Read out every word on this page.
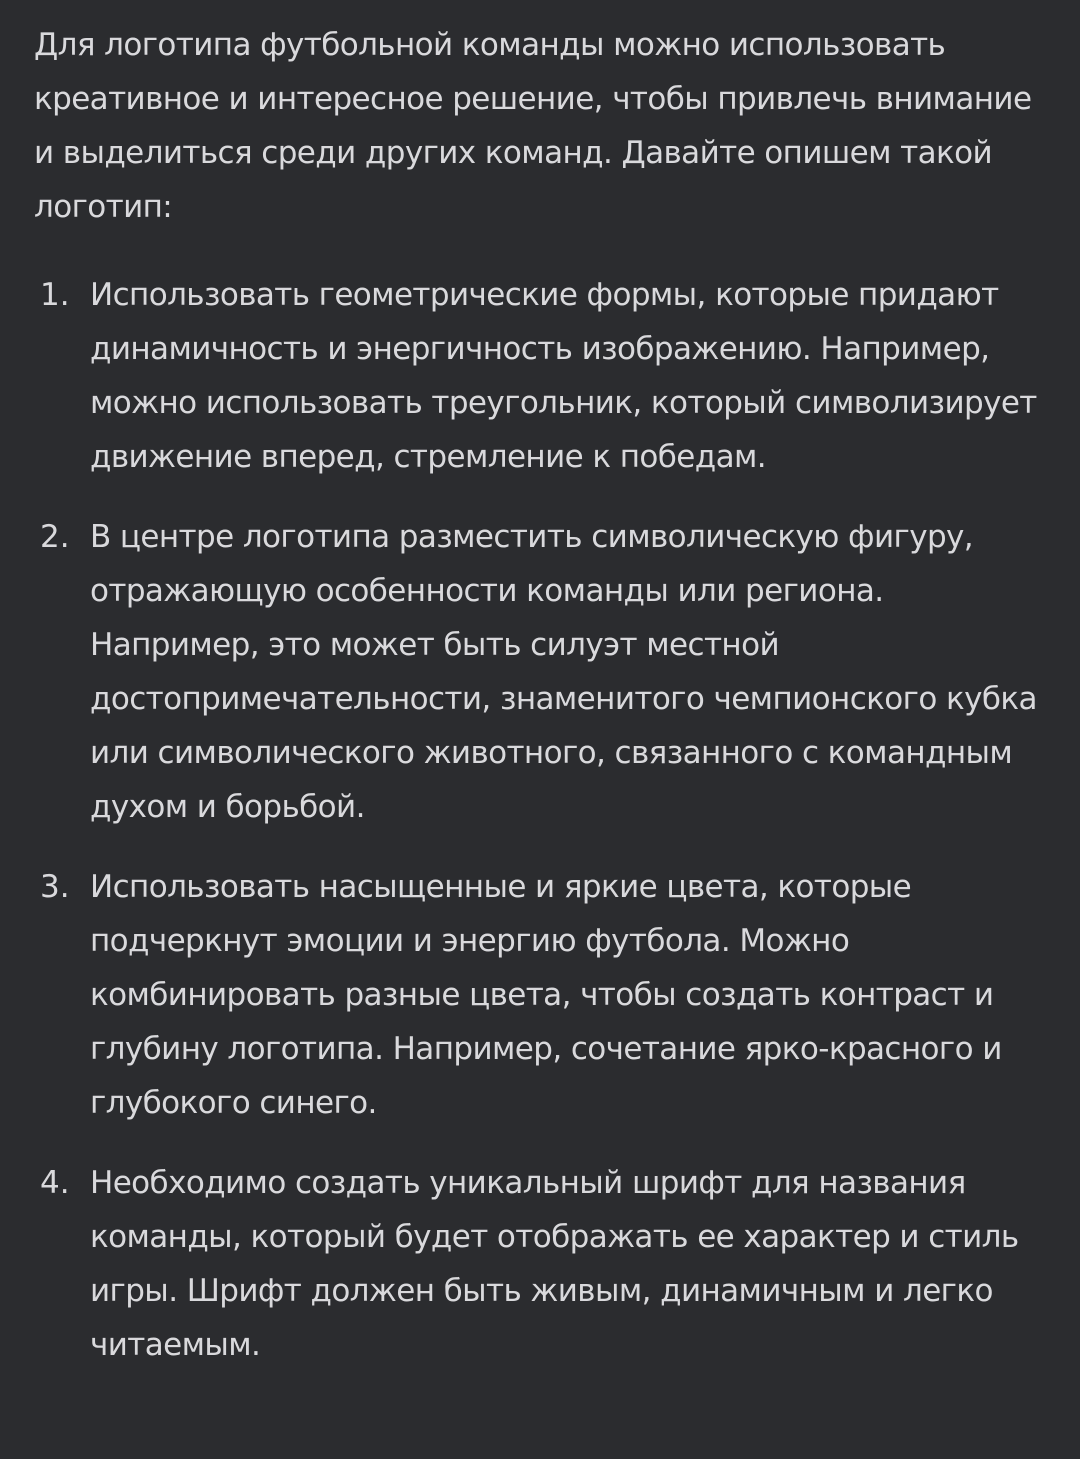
Для логотипа футбольной команды можно использовать креативное и интересное решение, чтобы привлечь внимание и выделиться среди других команд. Давайте опишем такой логотип:

1. Использовать геометрические формы, которые придают динамичность и энергичность изображению. Например, можно использовать треугольник, который символизирует движение вперед, стремление к победам.
2. В центре логотипа разместить символическую фигуру, отражающую особенности команды или региона. Например, это может быть силуэт местной достопримечательности, знаменитого чемпионского кубка или символического животного, связанного с командным духом и борьбой.
3. Использовать насыщенные и яркие цвета, которые подчеркнут эмоции и энергию футбола. Можно комбинировать разные цвета, чтобы создать контраст и глубину логотипа. Например, сочетание ярко-красного и глубокого синего.
4. Необходимо создать уникальный шрифт для названия команды, который будет отображать ее характер и стиль игры. Шрифт должен быть живым, динамичным и легко читаемым.
